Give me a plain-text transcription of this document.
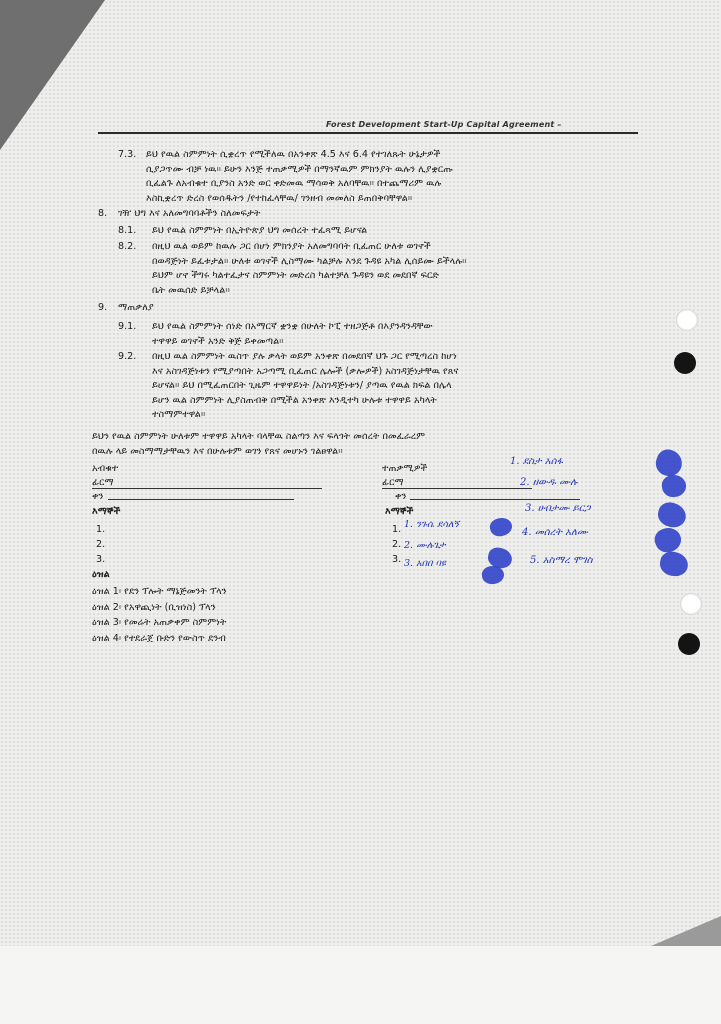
Forest Development Start-Up Capital Agreement –
7.3. ይህ የዉል ስምምነት ሲቋረጥ የሚችለዉ በአንቀጽ 4.5 እና 6.4 የተገለጹት ሁኔታዎች
ሲያጋጥሙ ብቻ ነዉ። ይሁን እንጅ ተጠቃሚዎች በማንኛዉም ምክንያት ዉሉን ሊያቋርጡ
ቢፈልጉ ለአብቁተ ቢያንስ አንድ ወር ቀድመዉ ማሳወቅ አለባቸዉ። በተጨማሪም ዉሉ
እስኪቋረጥ ድረስ የወሰዱትን /የተከፈላቸዉ/ ገንዘብ መመለስ ይጠበቅባቸዋል።
8. ገዥ ህግ እና አለመግባባቶችን ስለመፍታት
8.1. ይህ የዉል ስምምነት በኢትዮጵያ ህግ መሰረት ተፈጻሚ ይሆናል
8.2. በዚህ ዉል ወይም ከዉሉ ጋር በሆነ ምክንያት አለመግባባት ቢፈጠር ሁለቱ ወገኖች
በወዳጅነት ይፈቱታል። ሁለቱ ወገኖች ሊስማሙ ካልቻሉ እንደ ጉዳዩ አካል ሊሰይሙ ይችላሉ።
ይህም ሆኖ ችግሩ ካልተፈታና ስምምነት መድረስ ካልተቻለ ጉዳዩን ወደ መደበኛ ፍርድ
ቤት መዉሰድ ይቻላል።
9. ማጠቃለያ
9.1. ይህ የዉል ስምምነት ሰነድ በአማርኛ ቋንቋ በሁለት ኮፒ ተዘጋጅቶ በእያንዳንዳቸው
ተዋዋይ ወገኖች አንድ ቅጅ ይቀመጣል።
9.2. በዚህ ዉል ስምምነት ዉስጥ ያሉ ቃላት ወይም አንቀጽ በመደበኛ ህጉ ጋር የሚጣረስ ከሆነ
እና አስገዳጅነቱን የሚያጣበት አጋጣሚ ቢፈጠር ሌሎች (ቃሎዎች) አስገዳጅነታቸዉ የጸና
ይሆናል። ይህ በሚፈጠርበት ጊዜም ተዋዋይነት /አስገዳጅነቱን/ ያጣዉ የዉል ክፍል በሌላ
ይሆን ዉል ስምምነት ሊያስጠብቅ በሚችል አንቀጽ እንዲተካ ሁሉቱ ተዋዋይ አካላት
ተስማምተዋል።
ይህን የዉል ስምምነት ሁለቱም ተዋዋይ አካላት ባላቸዉ ስልጣን እና ፍላጎት መሰረት በመፈራረም
በዉሉ ላይ መስማማታቸዉን እና በሁሉቱም ወገን የጸና መሆኑን ገልፀዋል።
አብቁተ
ፊርማ
ቀን
እማኞች
1.
2.
3.
ተጠቃሚዎች
ፊርማ
ቀን
እማኞች
1.
2.
3.
1. ደስታ አሰፋ
2. ዘውዱ ሙሉ
3. ሀብታሙ ይርጋ
4. መሰረት አለሙ
5. አስማረ ሞገስ
1. ንጉሴ ደሳለኝ
2. ሙሉጌታ
3. አበበ ባዩ
ዕዝል
ዕዝል 1፡ የደን ፕሎት ማኔጅመንት ፕላን
ዕዝል 2፡ የአዋጪነት (ቢዝነስ) ፕላን
ዕዝል 3፡ የመሬት አጠቃቀም ስምምነት
ዕዝል 4፡ የተደራጀ ቡድን የውስጥ ደንብ
